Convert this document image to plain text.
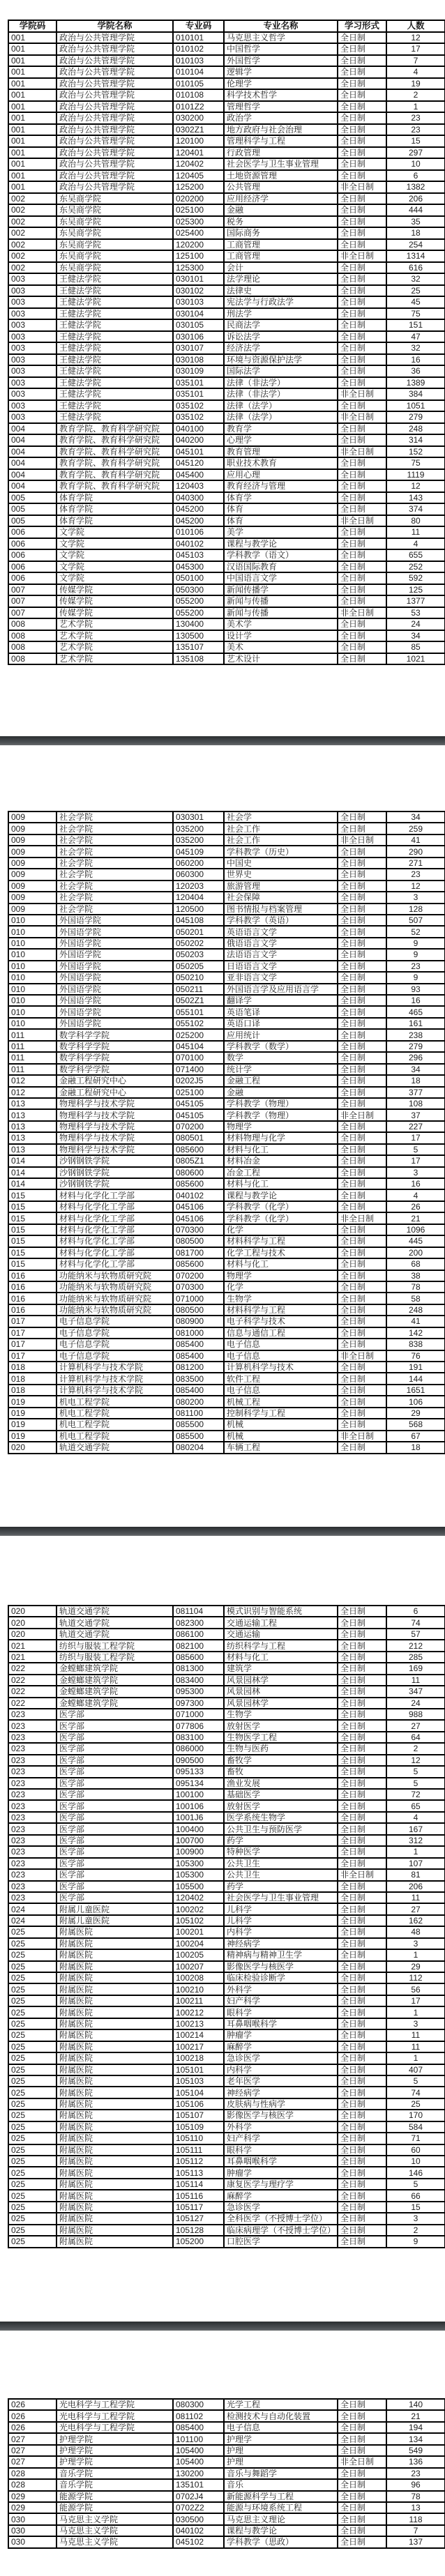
学院码	学院名称	专业码	专业名称	学习形式	人数
001	政治与公共管理学院	010101	马克思主义哲学	全日制	12
001	政治与公共管理学院	010102	中国哲学	全日制	17
001	政治与公共管理学院	010103	外国哲学	全日制	7
001	政治与公共管理学院	010104	逻辑学	全日制	4
001	政治与公共管理学院	010105	伦理学	全日制	19
001	政治与公共管理学院	010108	科学技术哲学	全日制	2
001	政治与公共管理学院	0101Z2	管理哲学	全日制	1
001	政治与公共管理学院	030200	政治学	全日制	23
001	政治与公共管理学院	0302Z1	地方政府与社会治理	全日制	23
001	政治与公共管理学院	120100	管理科学与工程	全日制	15
001	政治与公共管理学院	120401	行政管理	全日制	297
001	政治与公共管理学院	120402	社会医学与卫生事业管理	全日制	10
001	政治与公共管理学院	120405	土地资源管理	全日制	6
001	政治与公共管理学院	125200	公共管理	非全日制	1382
002	东吴商学院	020200	应用经济学	全日制	206
002	东吴商学院	025100	金融	全日制	444
002	东吴商学院	025300	税务	全日制	35
002	东吴商学院	025400	国际商务	全日制	18
002	东吴商学院	120200	工商管理	全日制	254
002	东吴商学院	125100	工商管理	非全日制	1314
002	东吴商学院	125300	会计	全日制	616
003	王健法学院	030101	法学理论	全日制	32
003	王健法学院	030102	法律史	全日制	25
003	王健法学院	030103	宪法学与行政法学	全日制	45
003	王健法学院	030104	刑法学	全日制	75
003	王健法学院	030105	民商法学	全日制	151
003	王健法学院	030106	诉讼法学	全日制	47
003	王健法学院	030107	经济法学	全日制	32
003	王健法学院	030108	环境与资源保护法学	全日制	16
003	王健法学院	030109	国际法学	全日制	36
003	王健法学院	035101	法律（非法学）	全日制	1389
003	王健法学院	035101	法律（非法学）	非全日制	384
003	王健法学院	035102	法律（法学）	全日制	1051
003	王健法学院	035102	法律（法学）	非全日制	279
004	教育学院、教育科学研究院	040100	教育学	全日制	248
004	教育学院、教育科学研究院	040200	心理学	全日制	314
004	教育学院、教育科学研究院	045101	教育管理	非全日制	152
004	教育学院、教育科学研究院	045120	职业技术教育	全日制	75
004	教育学院、教育科学研究院	045400	应用心理	全日制	1119
004	教育学院、教育科学研究院	120403	教育经济与管理	全日制	12
005	体育学院	040300	体育学	全日制	143
005	体育学院	045200	体育	全日制	374
005	体育学院	045200	体育	非全日制	80
006	文学院	010106	美学	全日制	11
006	文学院	040102	课程与教学论	全日制	4
006	文学院	045103	学科教学（语文）	全日制	655
006	文学院	045300	汉语国际教育	全日制	252
006	文学院	050100	中国语言文学	全日制	592
007	传媒学院	050300	新闻传播学	全日制	125
007	传媒学院	055200	新闻与传播	全日制	1377
007	传媒学院	055200	新闻与传播	非全日制	53
008	艺术学院	130400	美术学	全日制	24
008	艺术学院	130500	设计学	全日制	34
008	艺术学院	135107	美术	全日制	85
008	艺术学院	135108	艺术设计	全日制	1021
009	社会学院	030301	社会学	全日制	34
009	社会学院	035200	社会工作	全日制	259
009	社会学院	035200	社会工作	非全日制	41
009	社会学院	045109	学科教学（历史）	全日制	290
009	社会学院	060200	中国史	全日制	271
009	社会学院	060300	世界史	全日制	23
009	社会学院	120203	旅游管理	全日制	12
009	社会学院	120404	社会保障	全日制	3
009	社会学院	120500	图书情报与档案管理	全日制	128
010	外国语学院	045108	学科教学（英语）	全日制	507
010	外国语学院	050201	英语语言文学	全日制	52
010	外国语学院	050202	俄语语言文学	全日制	9
010	外国语学院	050203	法语语言文学	全日制	9
010	外国语学院	050205	日语语言文学	全日制	23
010	外国语学院	050210	亚非语言文学	全日制	9
010	外国语学院	050211	外国语言学及应用语言学	全日制	93
010	外国语学院	0502Z1	翻译学	全日制	16
010	外国语学院	055101	英语笔译	全日制	465
010	外国语学院	055102	英语口译	全日制	161
011	数学科学学院	025200	应用统计	全日制	238
011	数学科学学院	045104	学科教学（数学）	全日制	279
011	数学科学学院	070100	数学	全日制	296
011	数学科学学院	071400	统计学	全日制	34
012	金融工程研究中心	0202J5	金融工程	全日制	18
012	金融工程研究中心	025100	金融	全日制	377
013	物理科学与技术学院	045105	学科教学（物理）	全日制	108
013	物理科学与技术学院	045105	学科教学（物理）	非全日制	37
013	物理科学与技术学院	070200	物理学	全日制	227
013	物理科学与技术学院	080501	材料物理与化学	全日制	17
013	物理科学与技术学院	085600	材料与化工	全日制	5
014	沙钢钢铁学院	0805Z1	材料冶金	全日制	17
014	沙钢钢铁学院	080600	冶金工程	全日制	3
014	沙钢钢铁学院	085600	材料与化工	全日制	16
015	材料与化学化工学部	040102	课程与教学论	全日制	4
015	材料与化学化工学部	045106	学科教学（化学）	全日制	26
015	材料与化学化工学部	045106	学科教学（化学）	非全日制	21
015	材料与化学化工学部	070300	化学	全日制	1096
015	材料与化学化工学部	080500	材料科学与工程	全日制	445
015	材料与化学化工学部	081700	化学工程与技术	全日制	200
015	材料与化学化工学部	085600	材料与化工	全日制	68
016	功能纳米与软物质研究院	070200	物理学	全日制	38
016	功能纳米与软物质研究院	070300	化学	全日制	78
016	功能纳米与软物质研究院	071000	生物学	全日制	58
016	功能纳米与软物质研究院	080500	材料科学与工程	全日制	248
017	电子信息学院	080900	电子科学与技术	全日制	41
017	电子信息学院	081000	信息与通信工程	全日制	142
017	电子信息学院	085400	电子信息	全日制	838
017	电子信息学院	085400	电子信息	非全日制	76
018	计算机科学与技术学院	081200	计算机科学与技术	全日制	191
018	计算机科学与技术学院	083500	软件工程	全日制	144
018	计算机科学与技术学院	085400	电子信息	全日制	1651
019	机电工程学院	080200	机械工程	全日制	106
019	机电工程学院	081100	控制科学与工程	全日制	29
019	机电工程学院	085500	机械	全日制	568
019	机电工程学院	085500	机械	非全日制	67
020	轨道交通学院	080204	车辆工程	全日制	18
020	轨道交通学院	081104	模式识别与智能系统	全日制	6
020	轨道交通学院	082300	交通运输工程	全日制	74
020	轨道交通学院	086100	交通运输	全日制	57
021	纺织与服装工程学院	082100	纺织科学与工程	全日制	212
021	纺织与服装工程学院	085600	材料与化工	全日制	285
022	金螳螂建筑学院	081300	建筑学	全日制	169
022	金螳螂建筑学院	083400	风景园林学	全日制	11
022	金螳螂建筑学院	095300	风景园林	全日制	347
022	金螳螂建筑学院	097300	风景园林学	全日制	24
023	医学部	071000	生物学	全日制	988
023	医学部	077806	放射医学	全日制	27
023	医学部	083100	生物医学工程	全日制	64
023	医学部	086000	生物与医药	全日制	2
023	医学部	090500	畜牧学	全日制	12
023	医学部	095133	畜牧	全日制	5
023	医学部	095134	渔业发展	全日制	5
023	医学部	100100	基础医学	全日制	72
023	医学部	100106	放射医学	全日制	65
023	医学部	1001J6	医学系统生物学	全日制	4
023	医学部	100400	公共卫生与预防医学	全日制	167
023	医学部	100700	药学	全日制	312
023	医学部	100900	特种医学	全日制	1
023	医学部	105300	公共卫生	全日制	107
023	医学部	105300	公共卫生	非全日制	81
023	医学部	105500	药学	全日制	206
023	医学部	120402	社会医学与卫生事业管理	全日制	11
024	附属儿童医院	100202	儿科学	全日制	27
024	附属儿童医院	105102	儿科学	全日制	162
025	附属医院	100201	内科学	全日制	48
025	附属医院	100204	神经病学	全日制	3
025	附属医院	100205	精神病与精神卫生学	全日制	1
025	附属医院	100207	影像医学与核医学	全日制	29
025	附属医院	100208	临床检验诊断学	全日制	112
025	附属医院	100210	外科学	全日制	56
025	附属医院	100211	妇产科学	全日制	17
025	附属医院	100212	眼科学	全日制	1
025	附属医院	100213	耳鼻咽喉科学	全日制	3
025	附属医院	100214	肿瘤学	全日制	11
025	附属医院	100217	麻醉学	全日制	11
025	附属医院	100218	急诊医学	全日制	1
025	附属医院	105101	内科学	全日制	407
025	附属医院	105103	老年医学	全日制	5
025	附属医院	105104	神经病学	全日制	74
025	附属医院	105106	皮肤病与性病学	全日制	25
025	附属医院	105107	影像医学与核医学	全日制	170
025	附属医院	105109	外科学	全日制	584
025	附属医院	105110	妇产科学	全日制	71
025	附属医院	105111	眼科学	全日制	60
025	附属医院	105112	耳鼻咽喉科学	全日制	10
025	附属医院	105113	肿瘤学	全日制	146
025	附属医院	105114	康复医学与理疗学	全日制	5
025	附属医院	105116	麻醉学	全日制	66
025	附属医院	105117	急诊医学	全日制	15
025	附属医院	105127	全科医学（不授博士学位）	全日制	3
025	附属医院	105128	临床病理学（不授博士学位）	全日制	2
025	附属医院	105200	口腔医学	全日制	9
026	光电科学与工程学院	080300	光学工程	全日制	140
026	光电科学与工程学院	081102	检测技术与自动化装置	全日制	21
026	光电科学与工程学院	085400	电子信息	全日制	194
027	护理学院	101100	护理学	全日制	134
027	护理学院	105400	护理	全日制	549
027	护理学院	105400	护理	非全日制	136
028	音乐学院	130200	音乐与舞蹈学	全日制	23
028	音乐学院	135101	音乐	全日制	96
029	能源学院	0702J4	新能源科学与工程	全日制	78
029	能源学院	0702Z2	能源与环境系统工程	全日制	13
030	马克思主义学院	030500	马克思主义理论	全日制	118
030	马克思主义学院	040102	课程与教学论	全日制	7
030	马克思主义学院	045102	学科教学（思政）	全日制	137
